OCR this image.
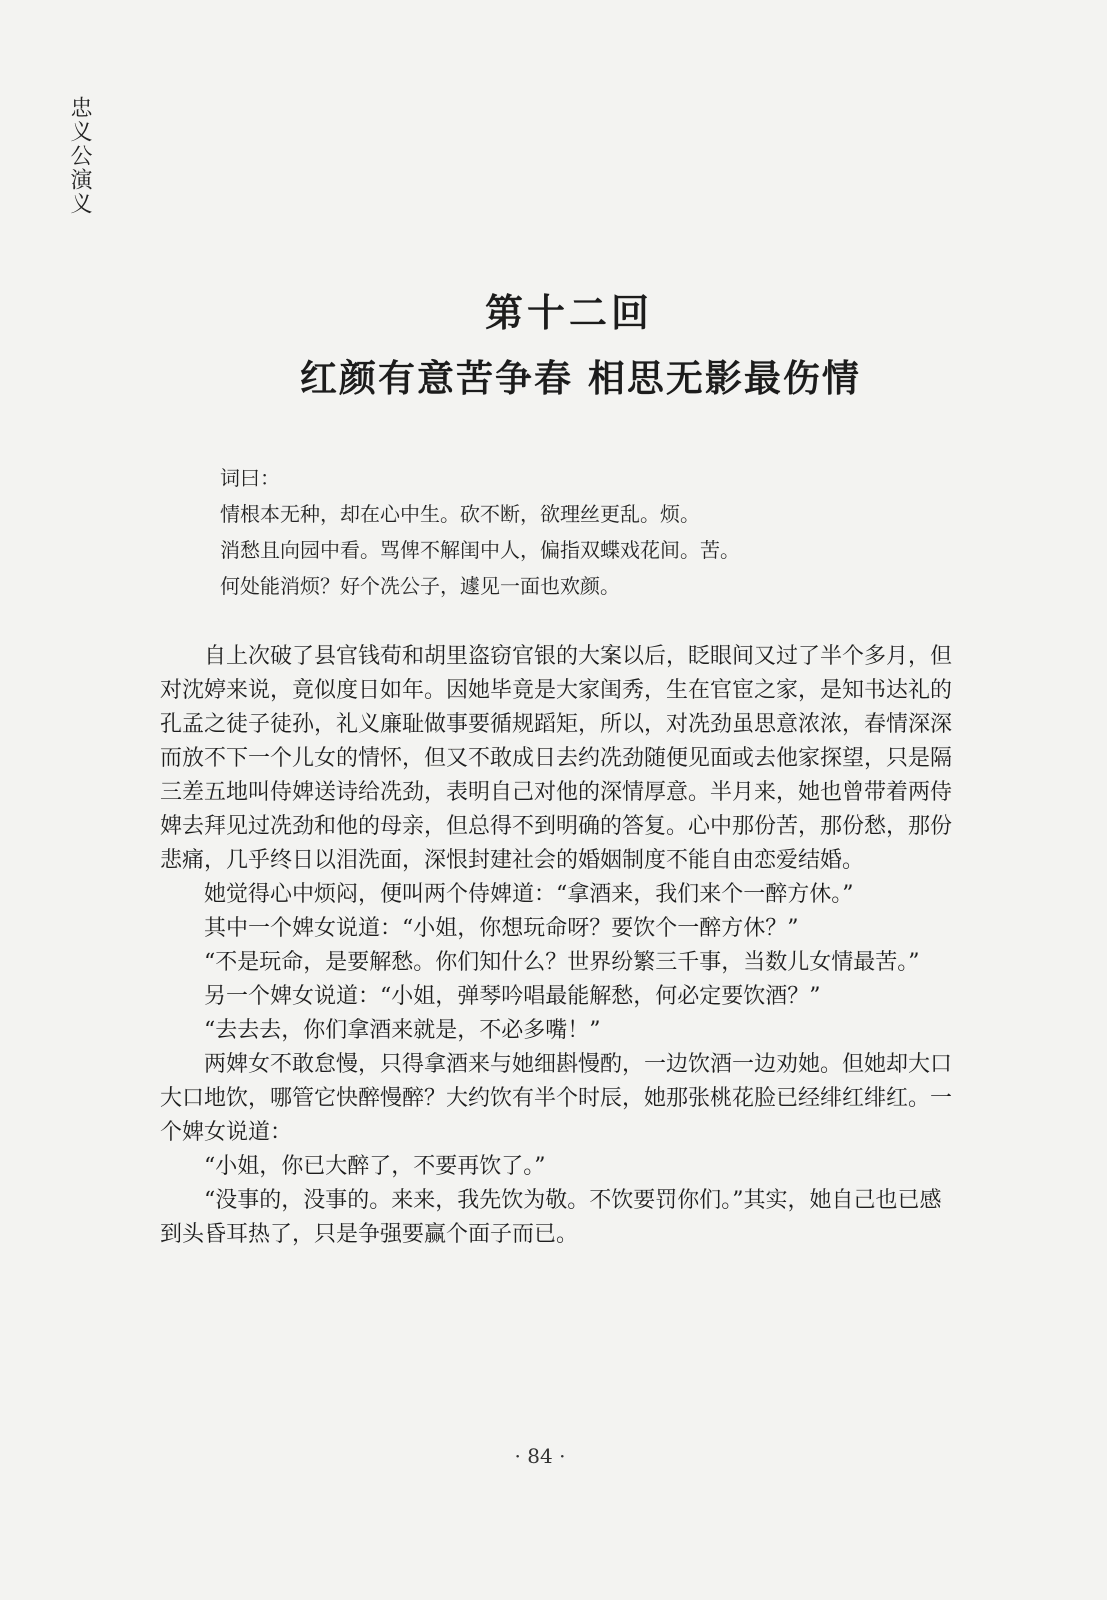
忠义公演义
第十二回
红颜有意苦争春 相思无影最伤情
词曰：
情根本无种，却在心中生。砍不断，欲理丝更乱。烦。
消愁且向园中看。骂俾不解闺中人，偏指双蝶戏花间。苦。
何处能消烦？好个冼公子，遽见一面也欢颜。

自上次破了县官钱荀和胡里盗窃官银的大案以后，眨眼间又过了半个多月，但对沈婷来说，竟似度日如年。因她毕竟是大家闺秀，生在官宦之家，是知书达礼的孔孟之徒子徒孙，礼义廉耻做事要循规蹈矩，所以，对冼劲虽思意浓浓，春情深深而放不下一个儿女的情怀，但又不敢成日去约冼劲随便见面或去他家探望，只是隔三差五地叫侍婢送诗给冼劲，表明自己对他的深情厚意。半月来，她也曾带着两侍婢去拜见过冼劲和他的母亲，但总得不到明确的答复。心中那份苦，那份愁，那份悲痛，几乎终日以泪洗面，深恨封建社会的婚姻制度不能自由恋爱结婚。

她觉得心中烦闷，便叫两个侍婢道：“拿酒来，我们来个一醉方休。”

其中一个婢女说道：“小姐，你想玩命呀？要饮个一醉方休？”

“不是玩命，是要解愁。你们知什么？世界纷繁三千事，当数儿女情最苦。”

另一个婢女说道：“小姐，弹琴吟唱最能解愁，何必定要饮酒？”

“去去去，你们拿酒来就是，不必多嘴！”

两婢女不敢怠慢，只得拿酒来与她细斟慢酌，一边饮酒一边劝她。但她却大口大口地饮，哪管它快醉慢醉？大约饮有半个时辰，她那张桃花脸已经绯红绯红。一个婢女说道：

“小姐，你已大醉了，不要再饮了。”

“没事的，没事的。来来，我先饮为敬。不饮要罚你们。”其实，她自己也已感到头昏耳热了，只是争强要赢个面子而已。

· 84 ·
